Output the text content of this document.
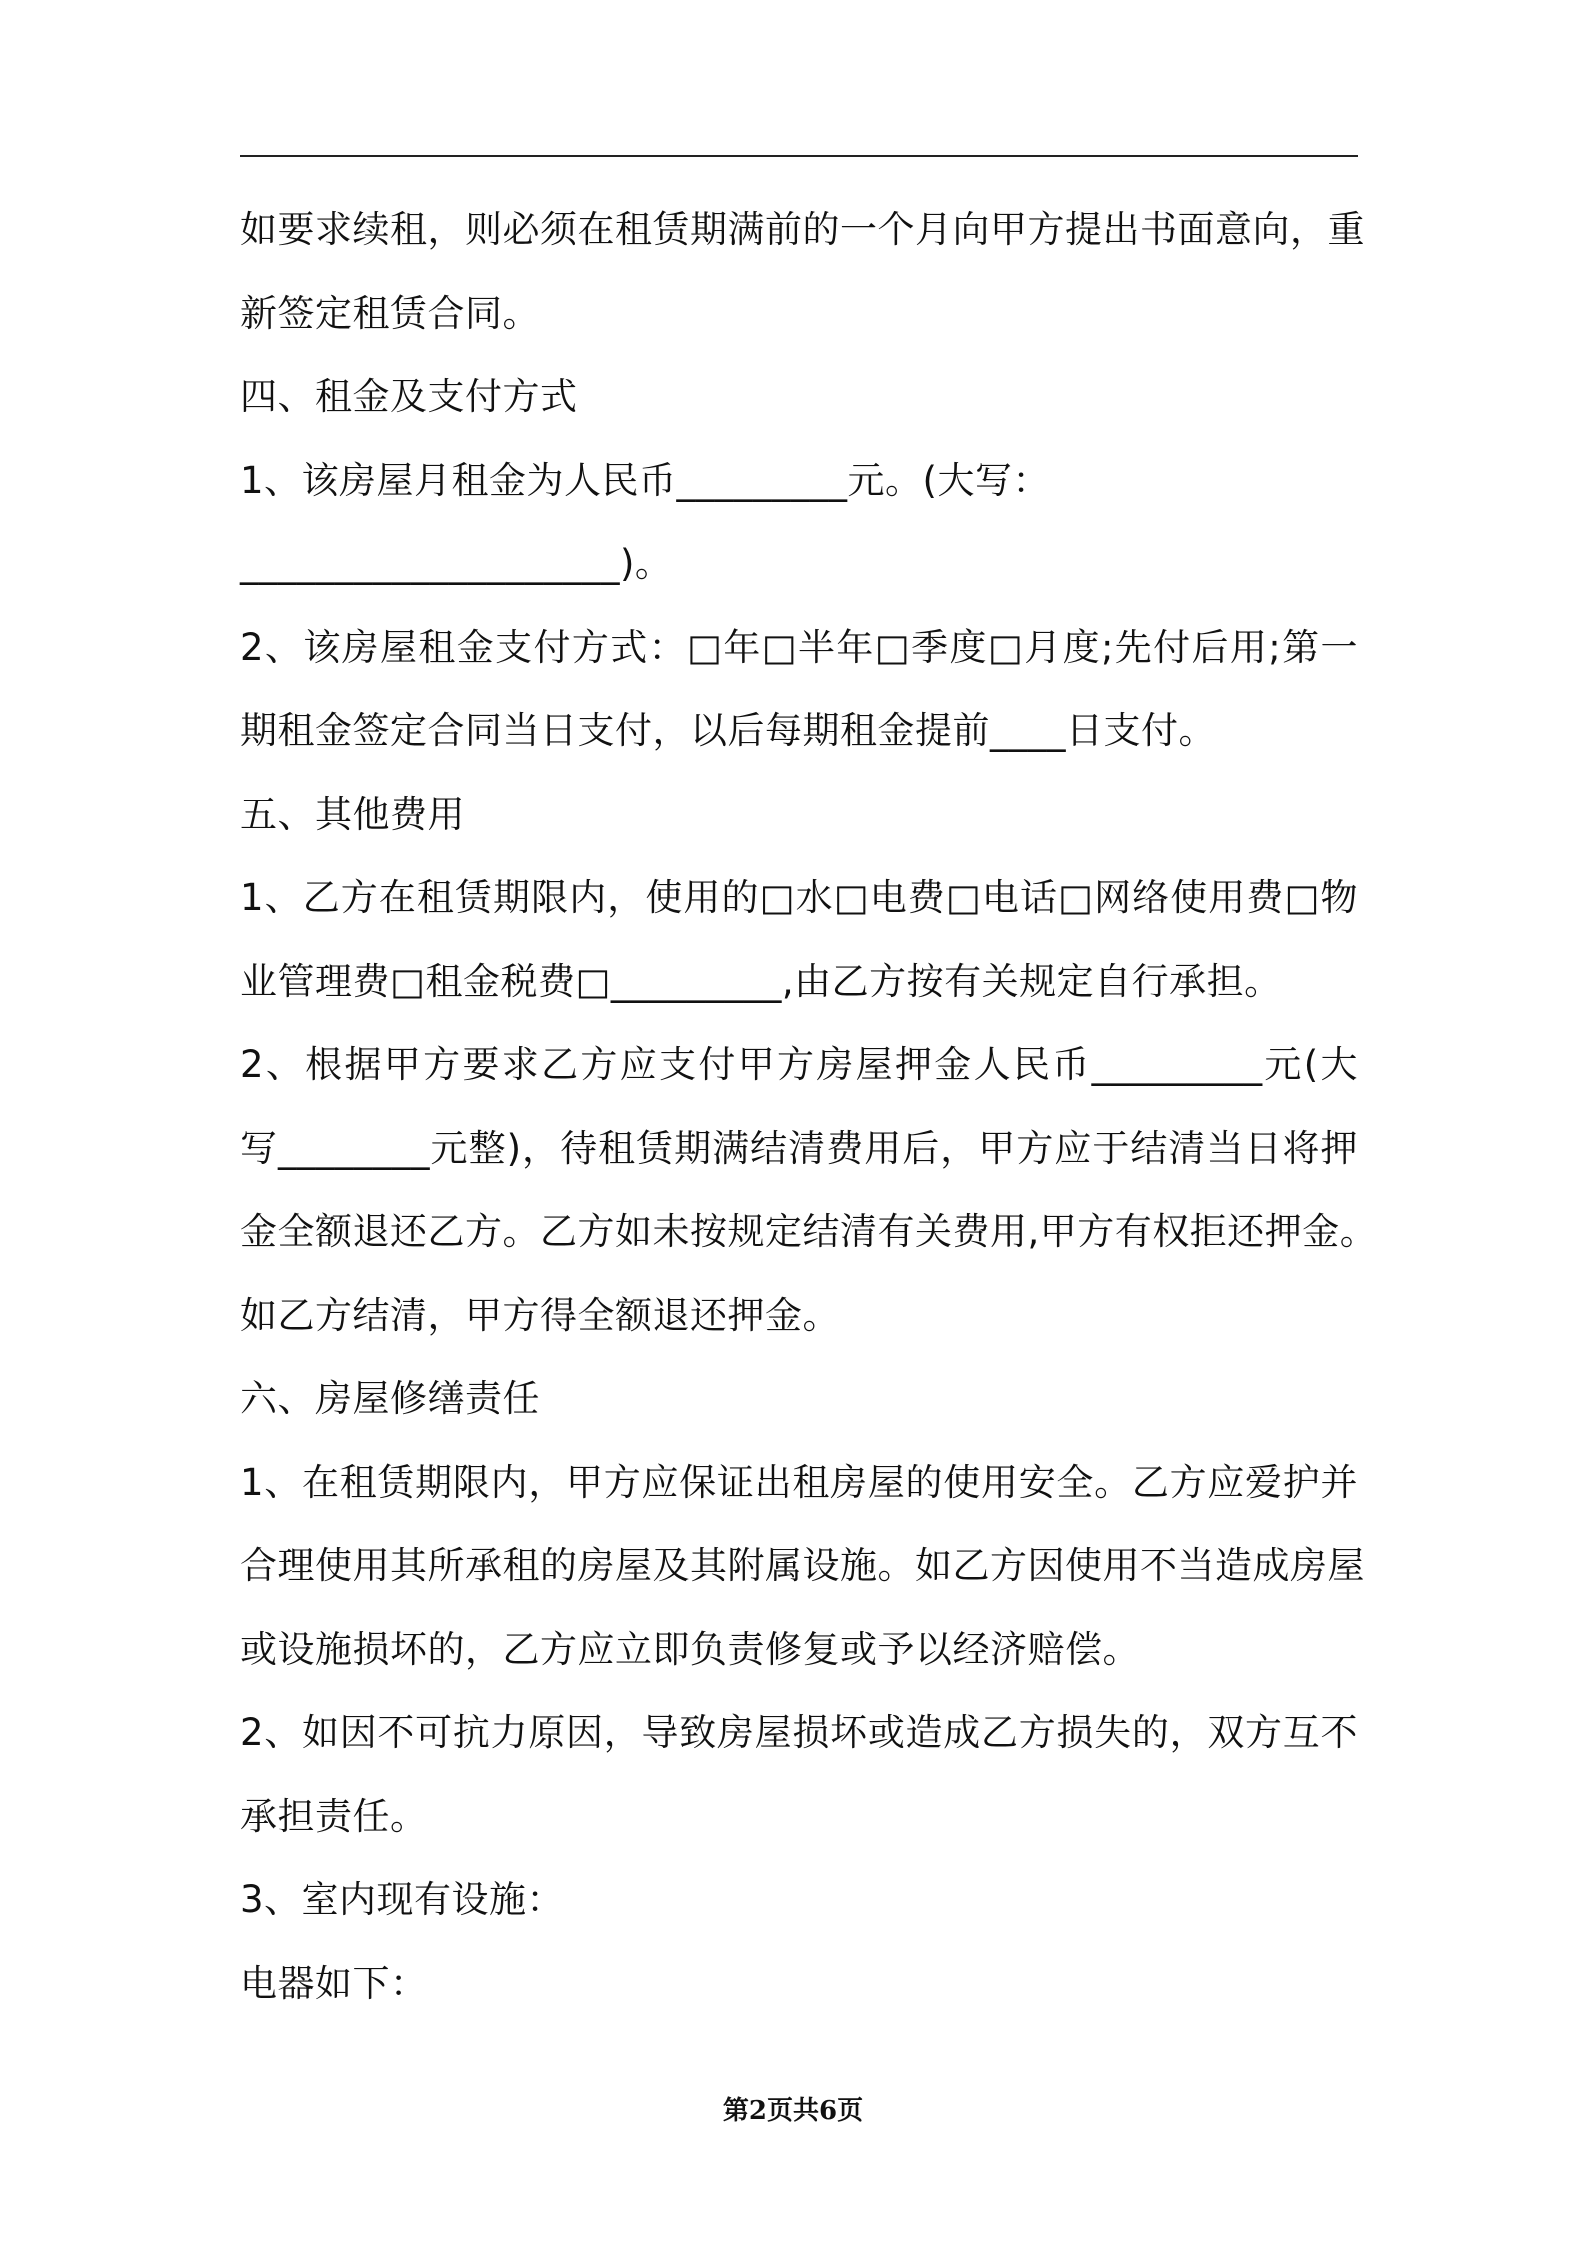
如要求续租，则必须在租赁期满前的一个月向甲方提出书面意向，重
新签定租赁合同。
四、租金及支付方式
1、该房屋月租金为人民币_________元。(大写：
____________________)。
2、该房屋租金支付方式：□年□半年□季度□月度;先付后用;第一
期租金签定合同当日支付，以后每期租金提前____日支付。
五、其他费用
1、乙方在租赁期限内，使用的□水□电费□电话□网络使用费□物
业管理费□租金税费□_________,由乙方按有关规定自行承担。
2、根据甲方要求乙方应支付甲方房屋押金人民币_________元(大
写________元整)，待租赁期满结清费用后，甲方应于结清当日将押
金全额退还乙方。乙方如未按规定结清有关费用,甲方有权拒还押金。
如乙方结清，甲方得全额退还押金。
六、房屋修缮责任
1、在租赁期限内，甲方应保证出租房屋的使用安全。乙方应爱护并
合理使用其所承租的房屋及其附属设施。如乙方因使用不当造成房屋
或设施损坏的，乙方应立即负责修复或予以经济赔偿。
2、如因不可抗力原因，导致房屋损坏或造成乙方损失的，双方互不
承担责任。
3、室内现有设施：
电器如下：
第2页共6页
